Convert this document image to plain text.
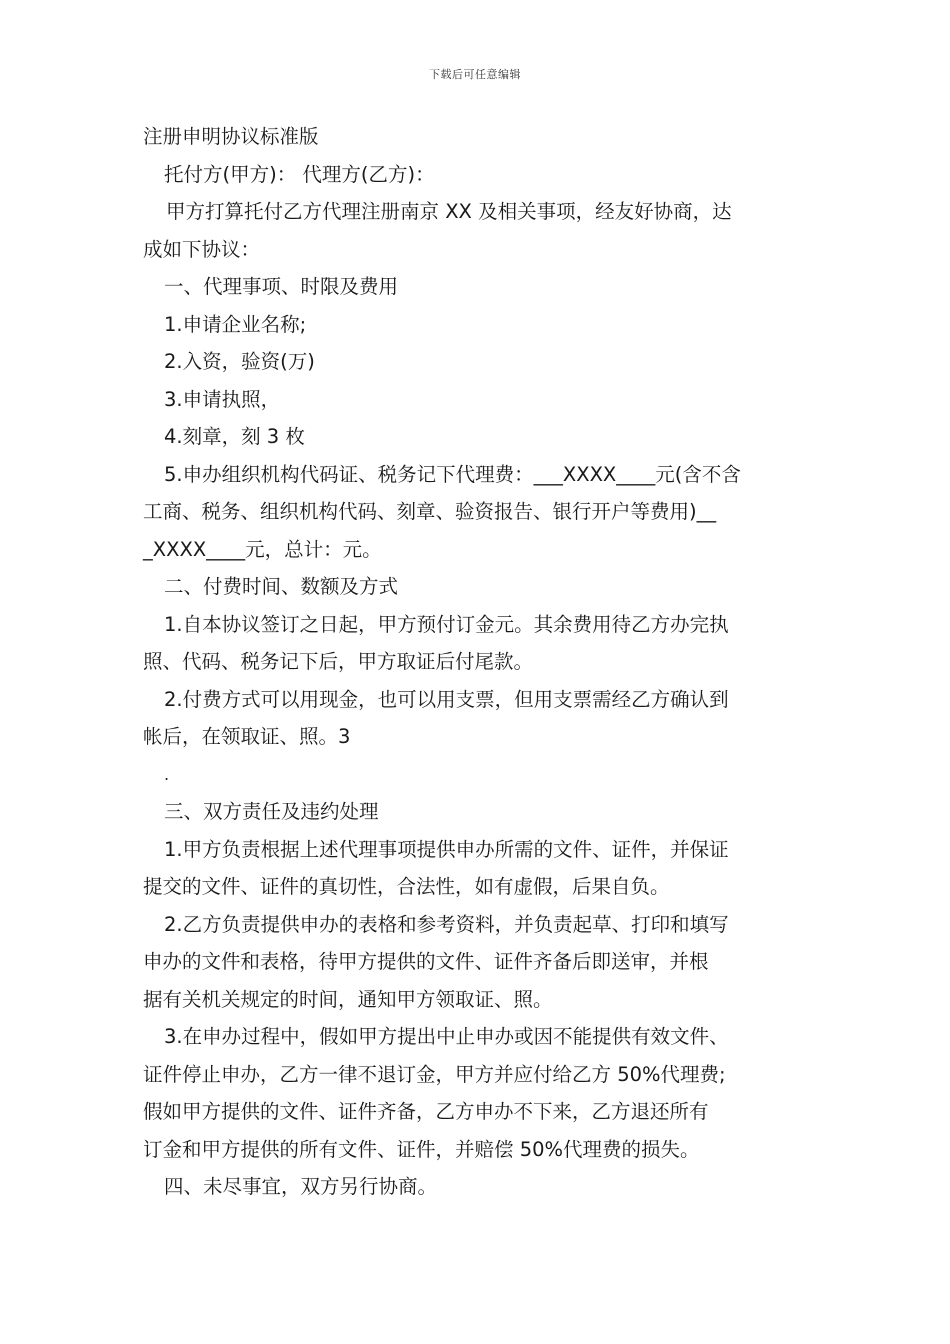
下载后可任意编辑

注册申明协议标准版

托付方(甲方)： 代理方(乙方)：

甲方打算托付乙方代理注册南京 XX 及相关事项，经友好协商，达

成如下协议：

一、代理事项、时限及费用

1.申请企业名称;

2.入资，验资(万)

3.申请执照，

4.刻章，刻 3 枚

5.申办组织机构代码证、税务记下代理费：___XXXX____元(含不含

工商、税务、组织机构代码、刻章、验资报告、银行开户等费用)__

_XXXX____元，总计：元。

二、付费时间、数额及方式

1.自本协议签订之日起，甲方预付订金元。其余费用待乙方办完执

照、代码、税务记下后，甲方取证后付尾款。

2.付费方式可以用现金，也可以用支票，但用支票需经乙方确认到

帐后，在领取证、照。3

.

三、双方责任及违约处理

1.甲方负责根据上述代理事项提供申办所需的文件、证件，并保证

提交的文件、证件的真切性，合法性，如有虚假，后果自负。

2.乙方负责提供申办的表格和参考资料，并负责起草、打印和填写

申办的文件和表格，待甲方提供的文件、证件齐备后即送审，并根

据有关机关规定的时间，通知甲方领取证、照。

3.在申办过程中，假如甲方提出中止申办或因不能提供有效文件、

证件停止申办，乙方一律不退订金，甲方并应付给乙方 50%代理费;

假如甲方提供的文件、证件齐备，乙方申办不下来，乙方退还所有

订金和甲方提供的所有文件、证件，并赔偿 50%代理费的损失。

四、未尽事宜，双方另行协商。
